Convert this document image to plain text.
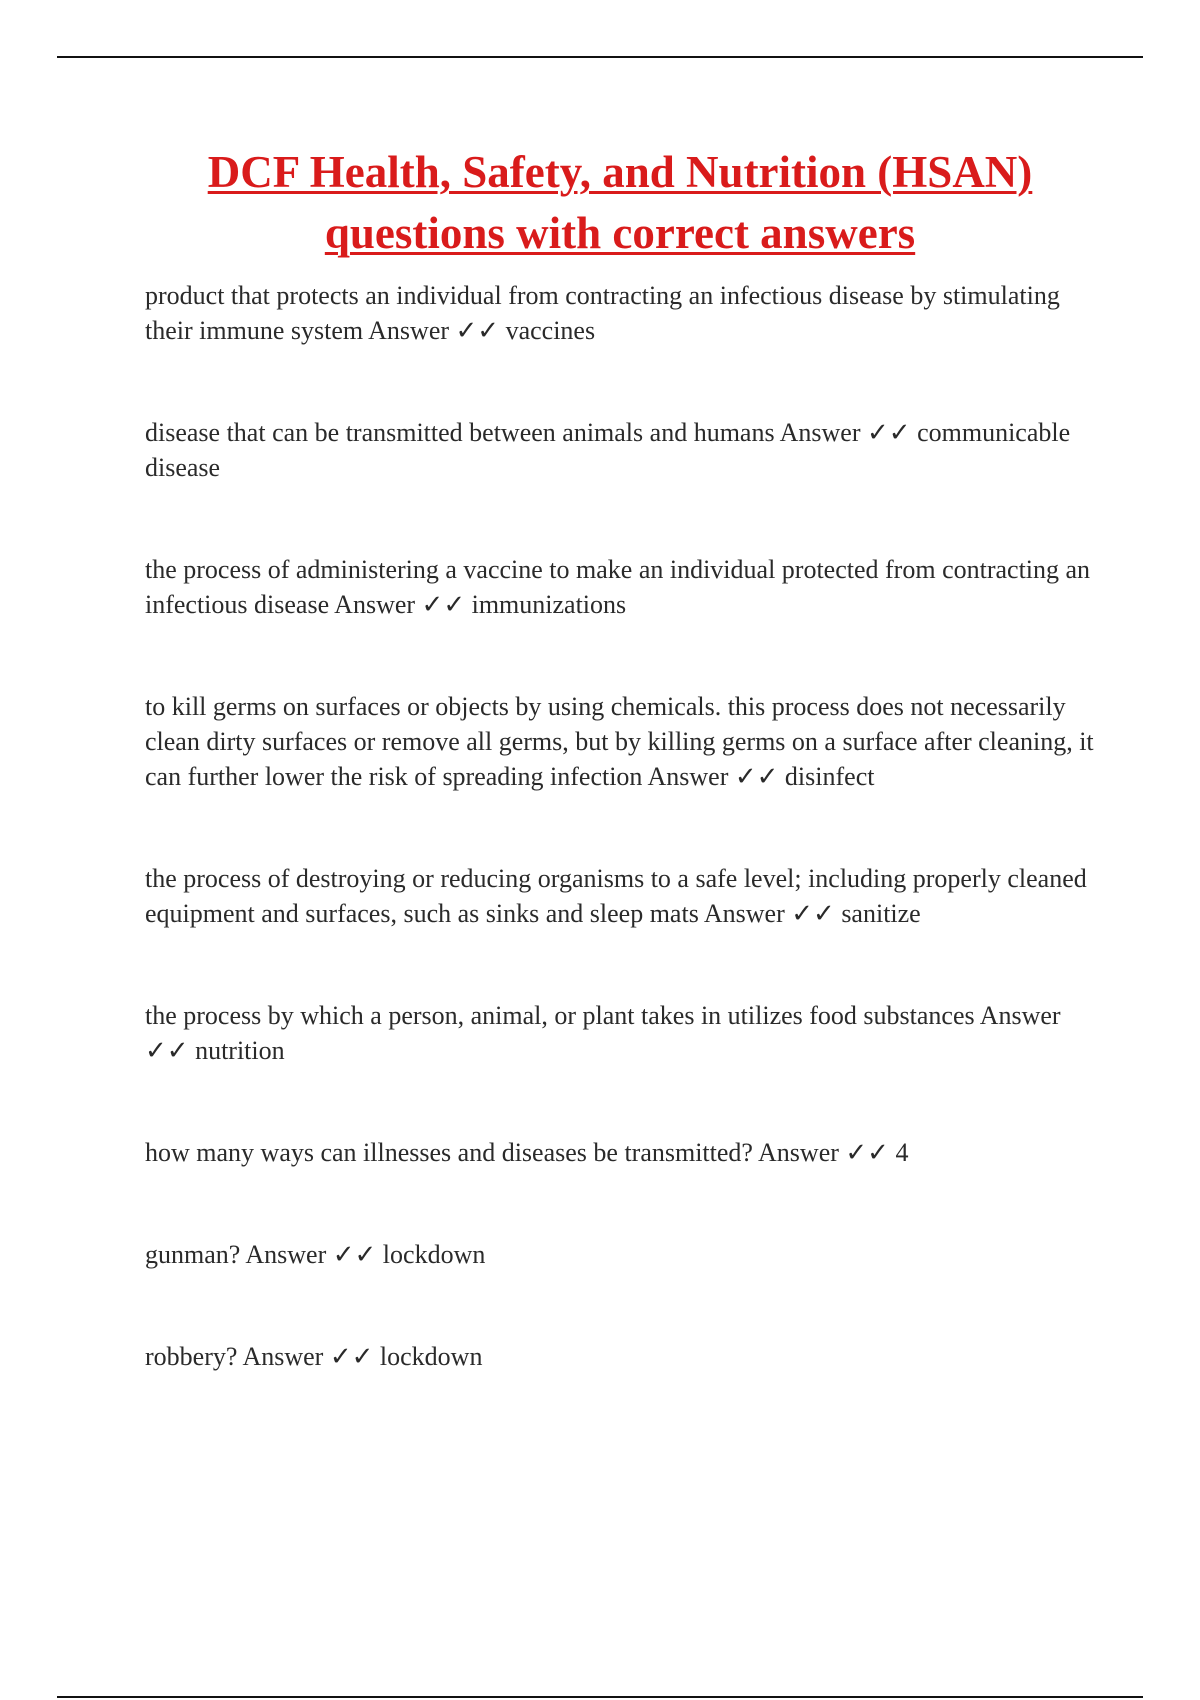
DCF Health, Safety, and Nutrition (HSAN)
questions with correct answers

product that protects an individual from contracting an infectious disease by stimulating their immune system Answer ✓✓ vaccines

disease that can be transmitted between animals and humans Answer ✓✓ communicable disease

the process of administering a vaccine to make an individual protected from contracting an infectious disease Answer ✓✓ immunizations

to kill germs on surfaces or objects by using chemicals. this process does not necessarily clean dirty surfaces or remove all germs, but by killing germs on a surface after cleaning, it can further lower the risk of spreading infection Answer ✓✓ disinfect

the process of destroying or reducing organisms to a safe level; including properly cleaned equipment and surfaces, such as sinks and sleep mats Answer ✓✓ sanitize

the process by which a person, animal, or plant takes in utilizes food substances Answer ✓✓ nutrition

how many ways can illnesses and diseases be transmitted? Answer ✓✓ 4

gunman? Answer ✓✓ lockdown

robbery? Answer ✓✓ lockdown
